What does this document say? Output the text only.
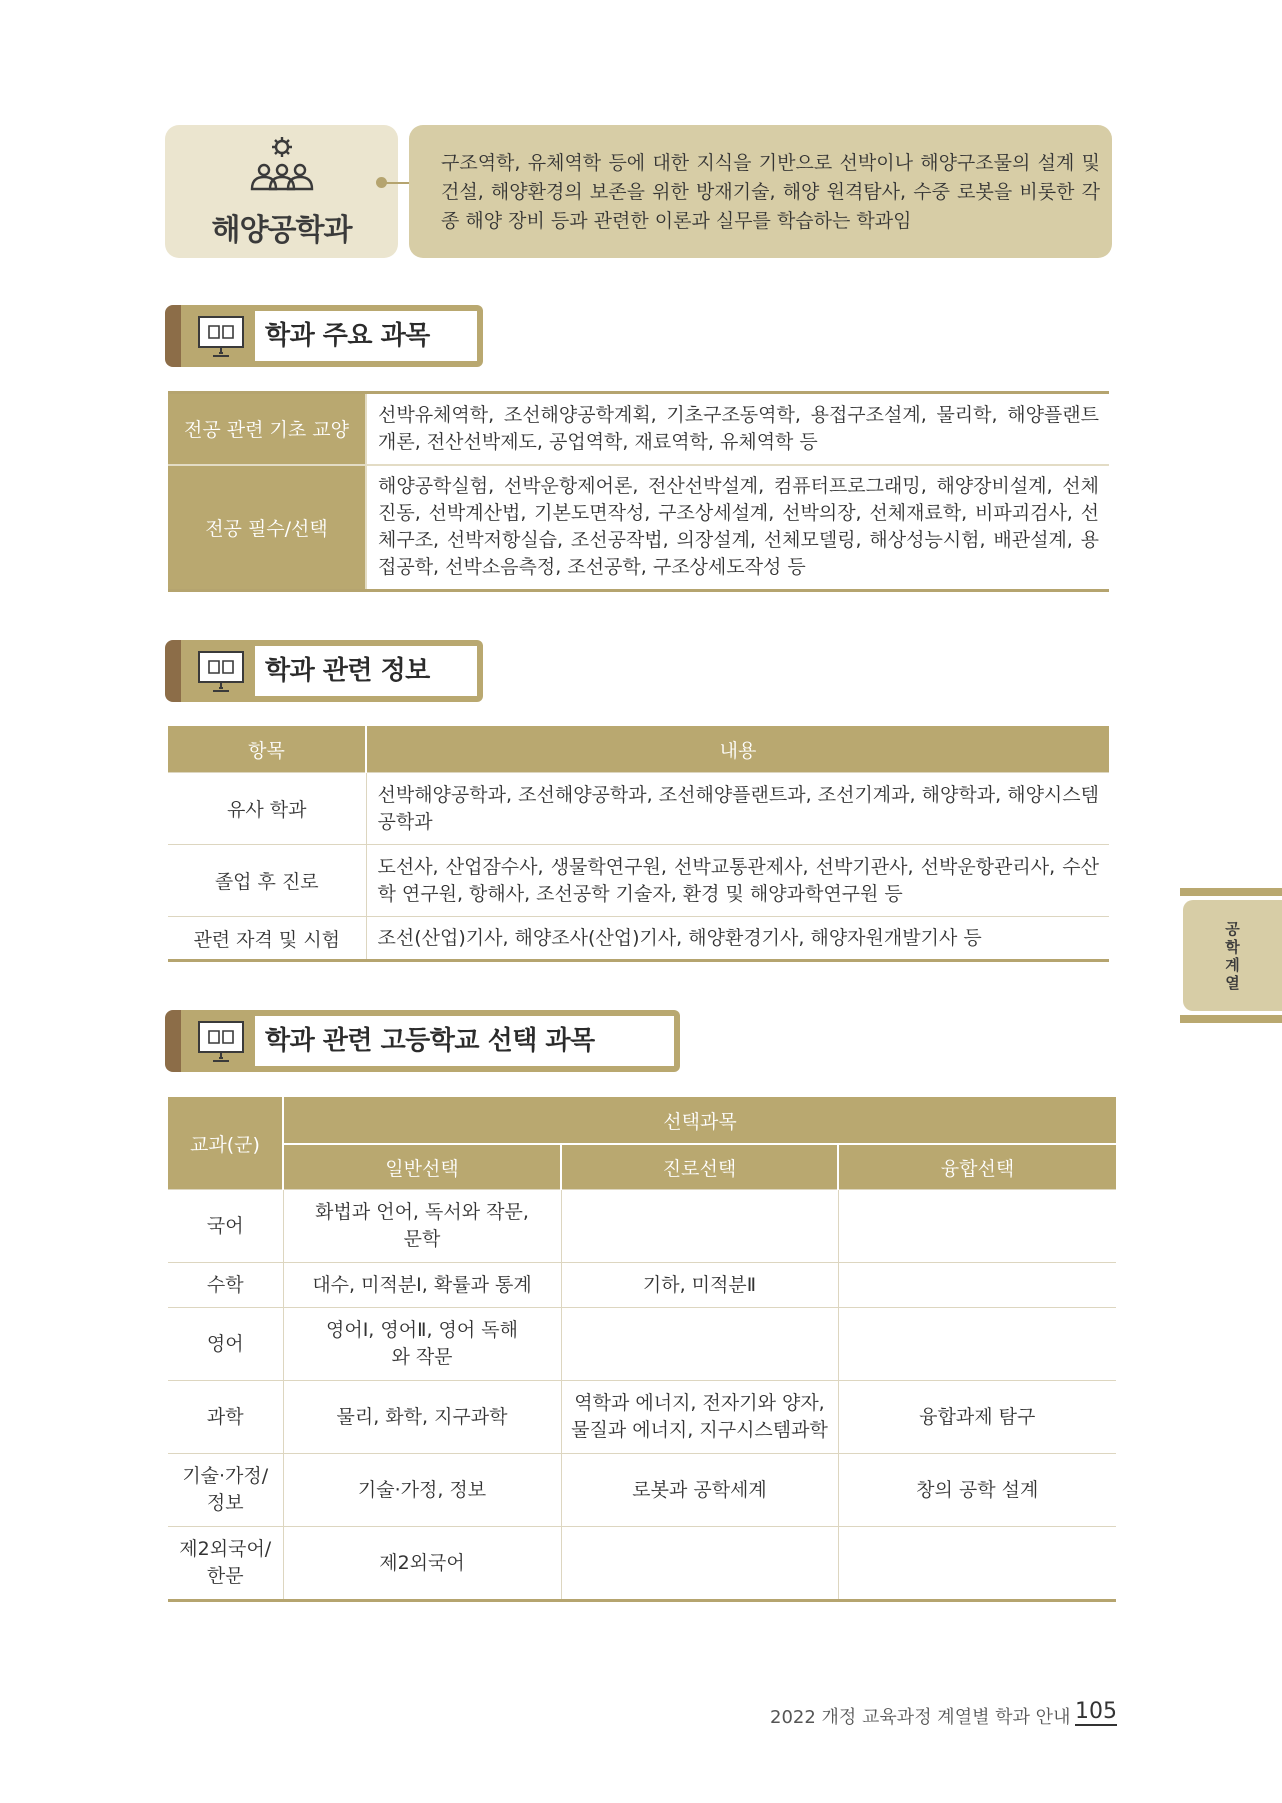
해양공학과
구조역학, 유체역학 등에 대한 지식을 기반으로 선박이나 해양구조물의 설계 및 건설, 해양환경의 보존을 위한 방재기술, 해양 원격탐사, 수중 로봇을 비롯한 각종 해양 장비 등과 관련한 이론과 실무를 학습하는 학과임
학과 주요 과목
전공 관련 기초 교양	선박유체역학, 조선해양공학계획, 기초구조동역학, 용접구조설계, 물리학, 해양플랜트개론, 전산선박제도, 공업역학, 재료역학, 유체역학 등
전공 필수/선택	해양공학실험, 선박운항제어론, 전산선박설계, 컴퓨터프로그래밍, 해양장비설계, 선체진동, 선박계산법, 기본도면작성, 구조상세설계, 선박의장, 선체재료학, 비파괴검사, 선체구조, 선박저항실습, 조선공작법, 의장설계, 선체모델링, 해상성능시험, 배관설계, 용접공학, 선박소음측정, 조선공학, 구조상세도작성 등
학과 관련 정보
항목	내용
유사 학과	선박해양공학과, 조선해양공학과, 조선해양플랜트과, 조선기계과, 해양학과, 해양시스템공학과
졸업 후 진로	도선사, 산업잠수사, 생물학연구원, 선박교통관제사, 선박기관사, 선박운항관리사, 수산학 연구원, 항해사, 조선공학 기술자, 환경 및 해양과학연구원 등
관련 자격 및 시험	조선(산업)기사, 해양조사(산업)기사, 해양환경기사, 해양자원개발기사 등
학과 관련 고등학교 선택 과목
교과(군)	선택과목		
	일반선택	진로선택	융합선택
국어	화법과 언어, 독서와 작문, 문학		
수학	대수, 미적분Ⅰ, 확률과 통계	기하, 미적분Ⅱ	
영어	영어Ⅰ, 영어Ⅱ, 영어 독해와 작문		
과학	물리, 화학, 지구과학	역학과 에너지, 전자기와 양자, 물질과 에너지, 지구시스템과학	융합과제 탐구
기술·가정/정보	기술·가정, 정보	로봇과 공학세계	창의 공학 설계
제2외국어/한문	제2외국어		
공
학
계
열
2022 개정 교육과정 계열별 학과 안내 105
